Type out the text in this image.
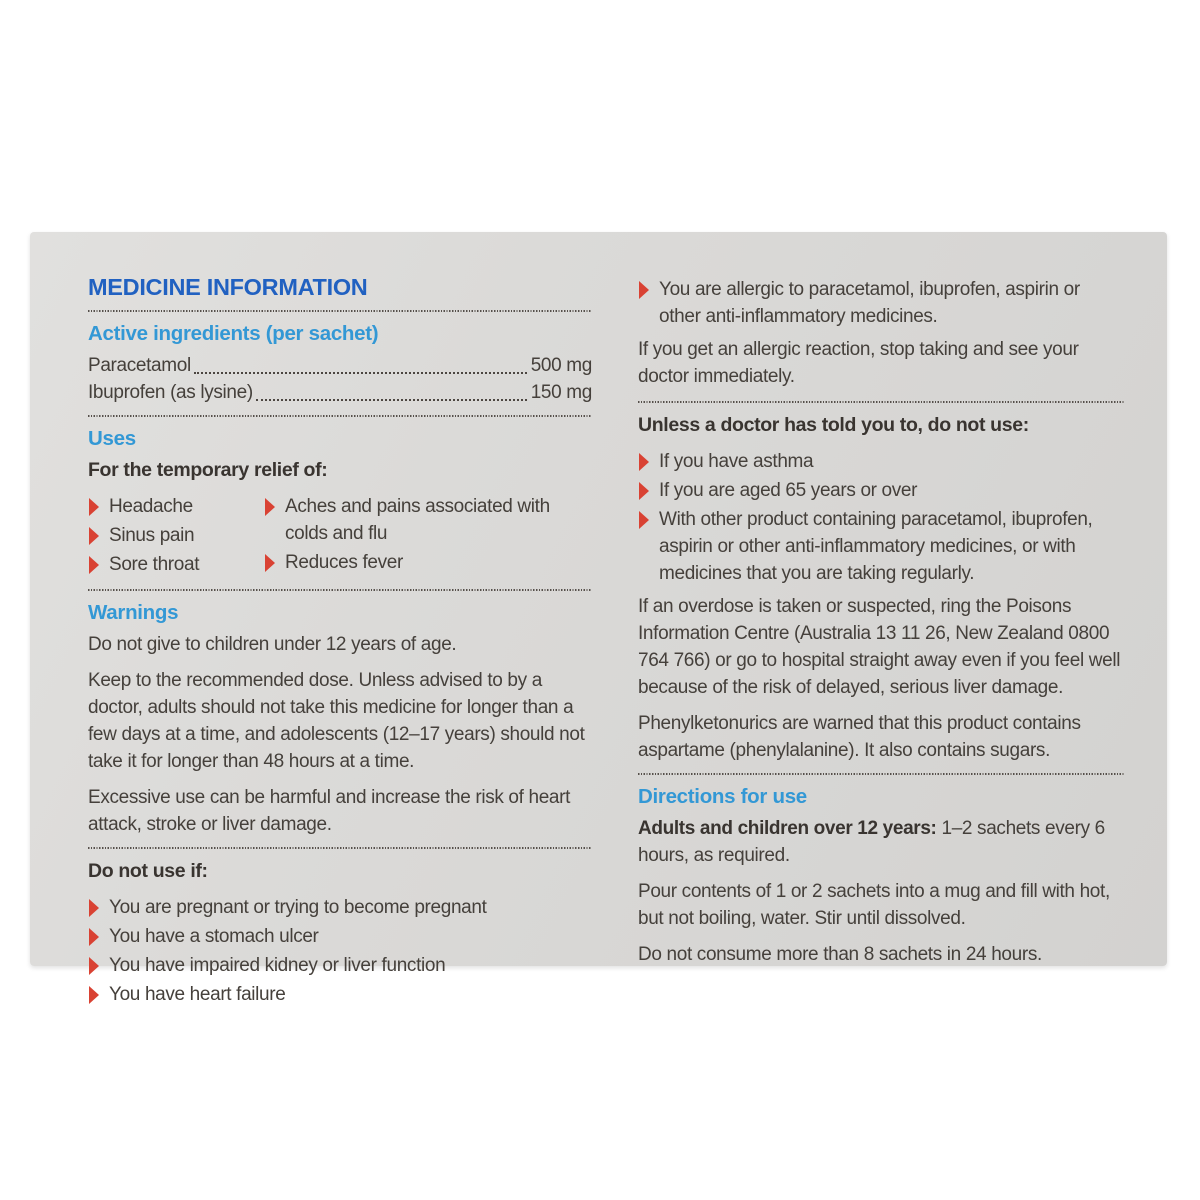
MEDICINE INFORMATION
Active ingredients (per sachet)
Paracetamol	500 mg
Ibuprofen (as lysine)	150 mg
Uses

For the temporary relief of:

Headache
Sinus pain
Sore throat
Aches and pains associated with colds and flu
Reduces fever
Warnings

Do not give to children under 12 years of age.

Keep to the recommended dose. Unless advised to by a doctor, adults should not take this medicine for longer than a few days at a time, and adolescents (12–17 years) should not take it for longer than 48 hours at a time.

Excessive use can be harmful and increase the risk of heart attack, stroke or liver damage.

Do not use if:

You are pregnant or trying to become pregnant
You have a stomach ulcer
You have impaired kidney or liver function
You have heart failure
You are allergic to paracetamol, ibuprofen, aspirin or other anti-inflammatory medicines.

If you get an allergic reaction, stop taking and see your doctor immediately.

Unless a doctor has told you to, do not use:

If you have asthma
If you are aged 65 years or over
With other product containing paracetamol, ibuprofen, aspirin or other anti-inflammatory medicines, or with medicines that you are taking regularly.

If an overdose is taken or suspected, ring the Poisons Information Centre (Australia 13 11 26, New Zealand 0800 764 766) or go to hospital straight away even if you feel well because of the risk of delayed, serious liver damage.

Phenylketonurics are warned that this product contains aspartame (phenylalanine). It also contains sugars.

Directions for use

Adults and children over 12 years: 1–2 sachets every 6 hours, as required.

Pour contents of 1 or 2 sachets into a mug and fill with hot, but not boiling, water. Stir until dissolved.

Do not consume more than 8 sachets in 24 hours.
